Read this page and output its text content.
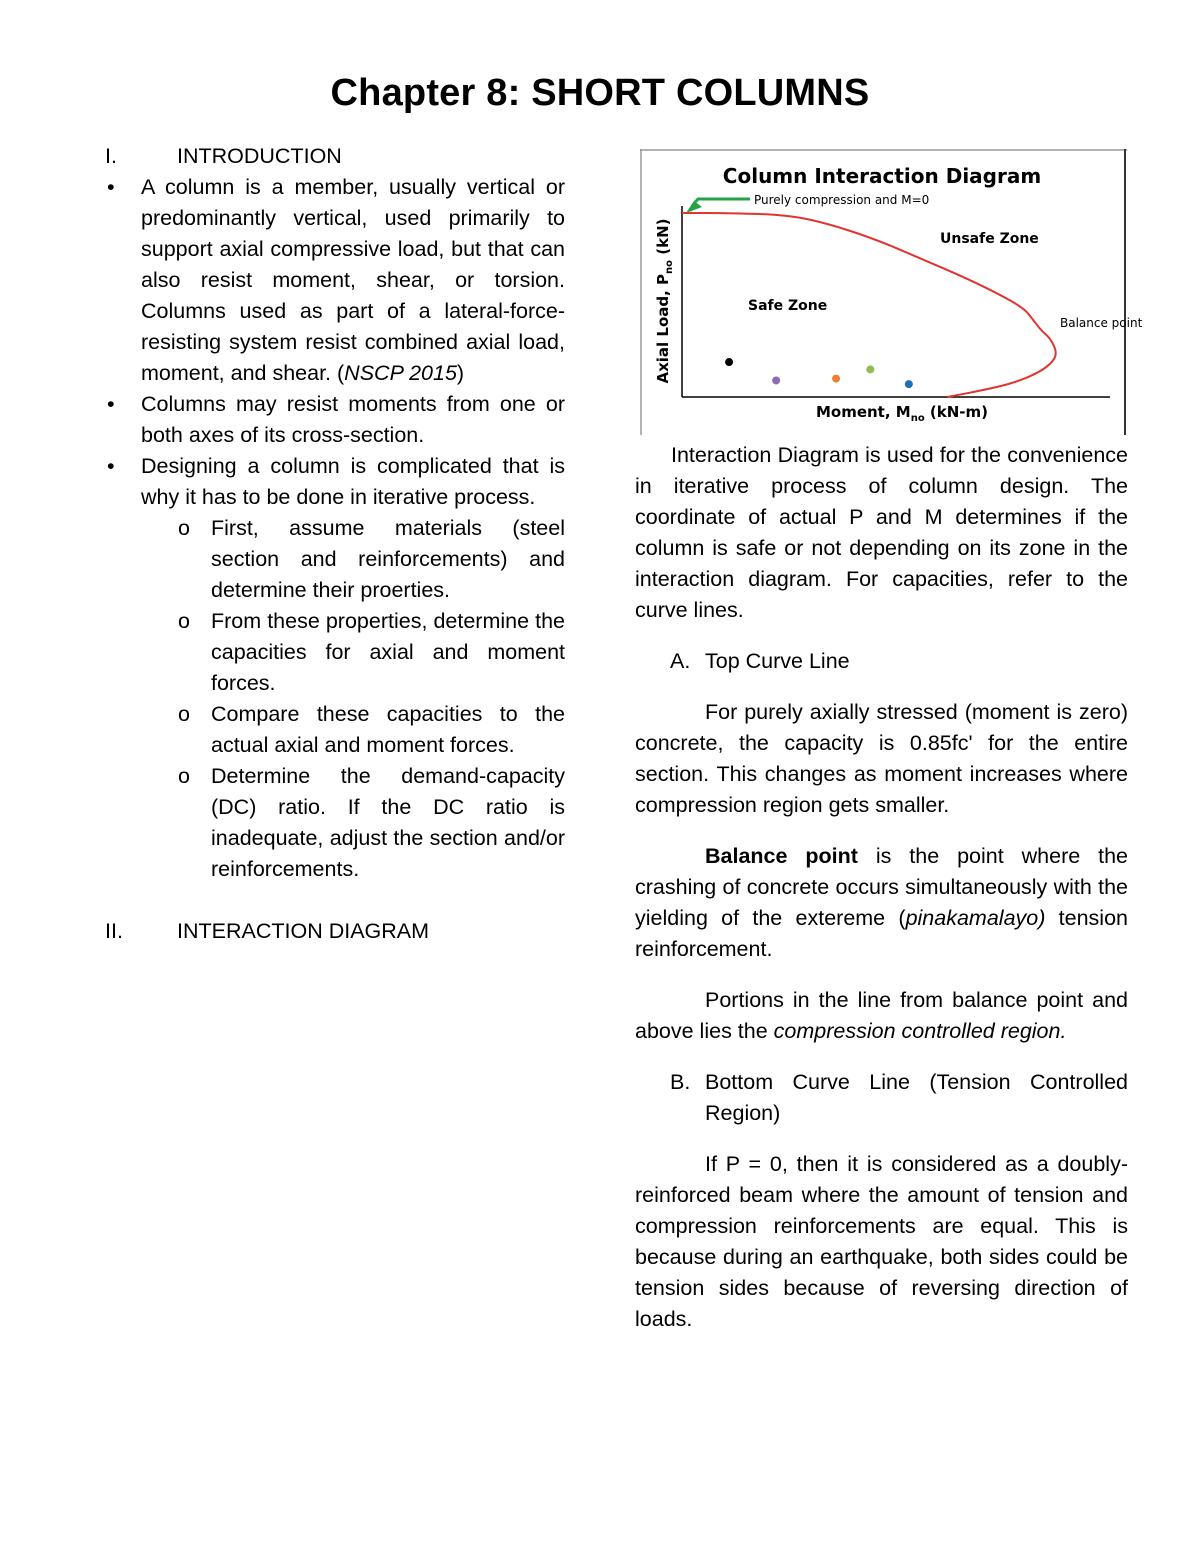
Chapter 8: SHORT COLUMNS
I.	INTRODUCTION

• A column is a member, usually vertical or predominantly vertical, used primarily to support axial compressive load, but that can also resist moment, shear, or torsion. Columns used as part of a lateral-force-resisting system resist combined axial load, moment, and shear. (NSCP 2015)

• Columns may resist moments from one or both axes of its cross-section.

• Designing a column is complicated that is why it has to be done in iterative process.

o First, assume materials (steel section and reinforcements) and determine their proerties.

o From these properties, determine the capacities for axial and moment forces.

o Compare these capacities to the actual axial and moment forces.

o Determine the demand-capacity (DC) ratio. If the DC ratio is inadequate, adjust the section and/or reinforcements.

II.	INTERACTION DIAGRAM
Column Interaction Diagram
Axial Load, $P_{no}$ (kN)
Moment, $M_{no}$ (kN-m)
Purely compression and M=0
Unsafe Zone
Safe Zone
Balance point

Interaction Diagram is used for the convenience in iterative process of column design. The coordinate of actual P and M determines if the column is safe or not depending on its zone in the interaction diagram. For capacities, refer to the curve lines.

A. Top Curve Line

For purely axially stressed (moment is zero) concrete, the capacity is 0.85fc' for the entire section. This changes as moment increases where compression region gets smaller.

Balance point is the point where the crashing of concrete occurs simultaneously with the yielding of the extereme (pinakamalayo) tension reinforcement.

Portions in the line from balance point and above lies the compression controlled region.

B. Bottom Curve Line (Tension Controlled Region)

If P = 0, then it is considered as a doubly-reinforced beam where the amount of tension and compression reinforcements are equal. This is because during an earthquake, both sides could be tension sides because of reversing direction of loads.
